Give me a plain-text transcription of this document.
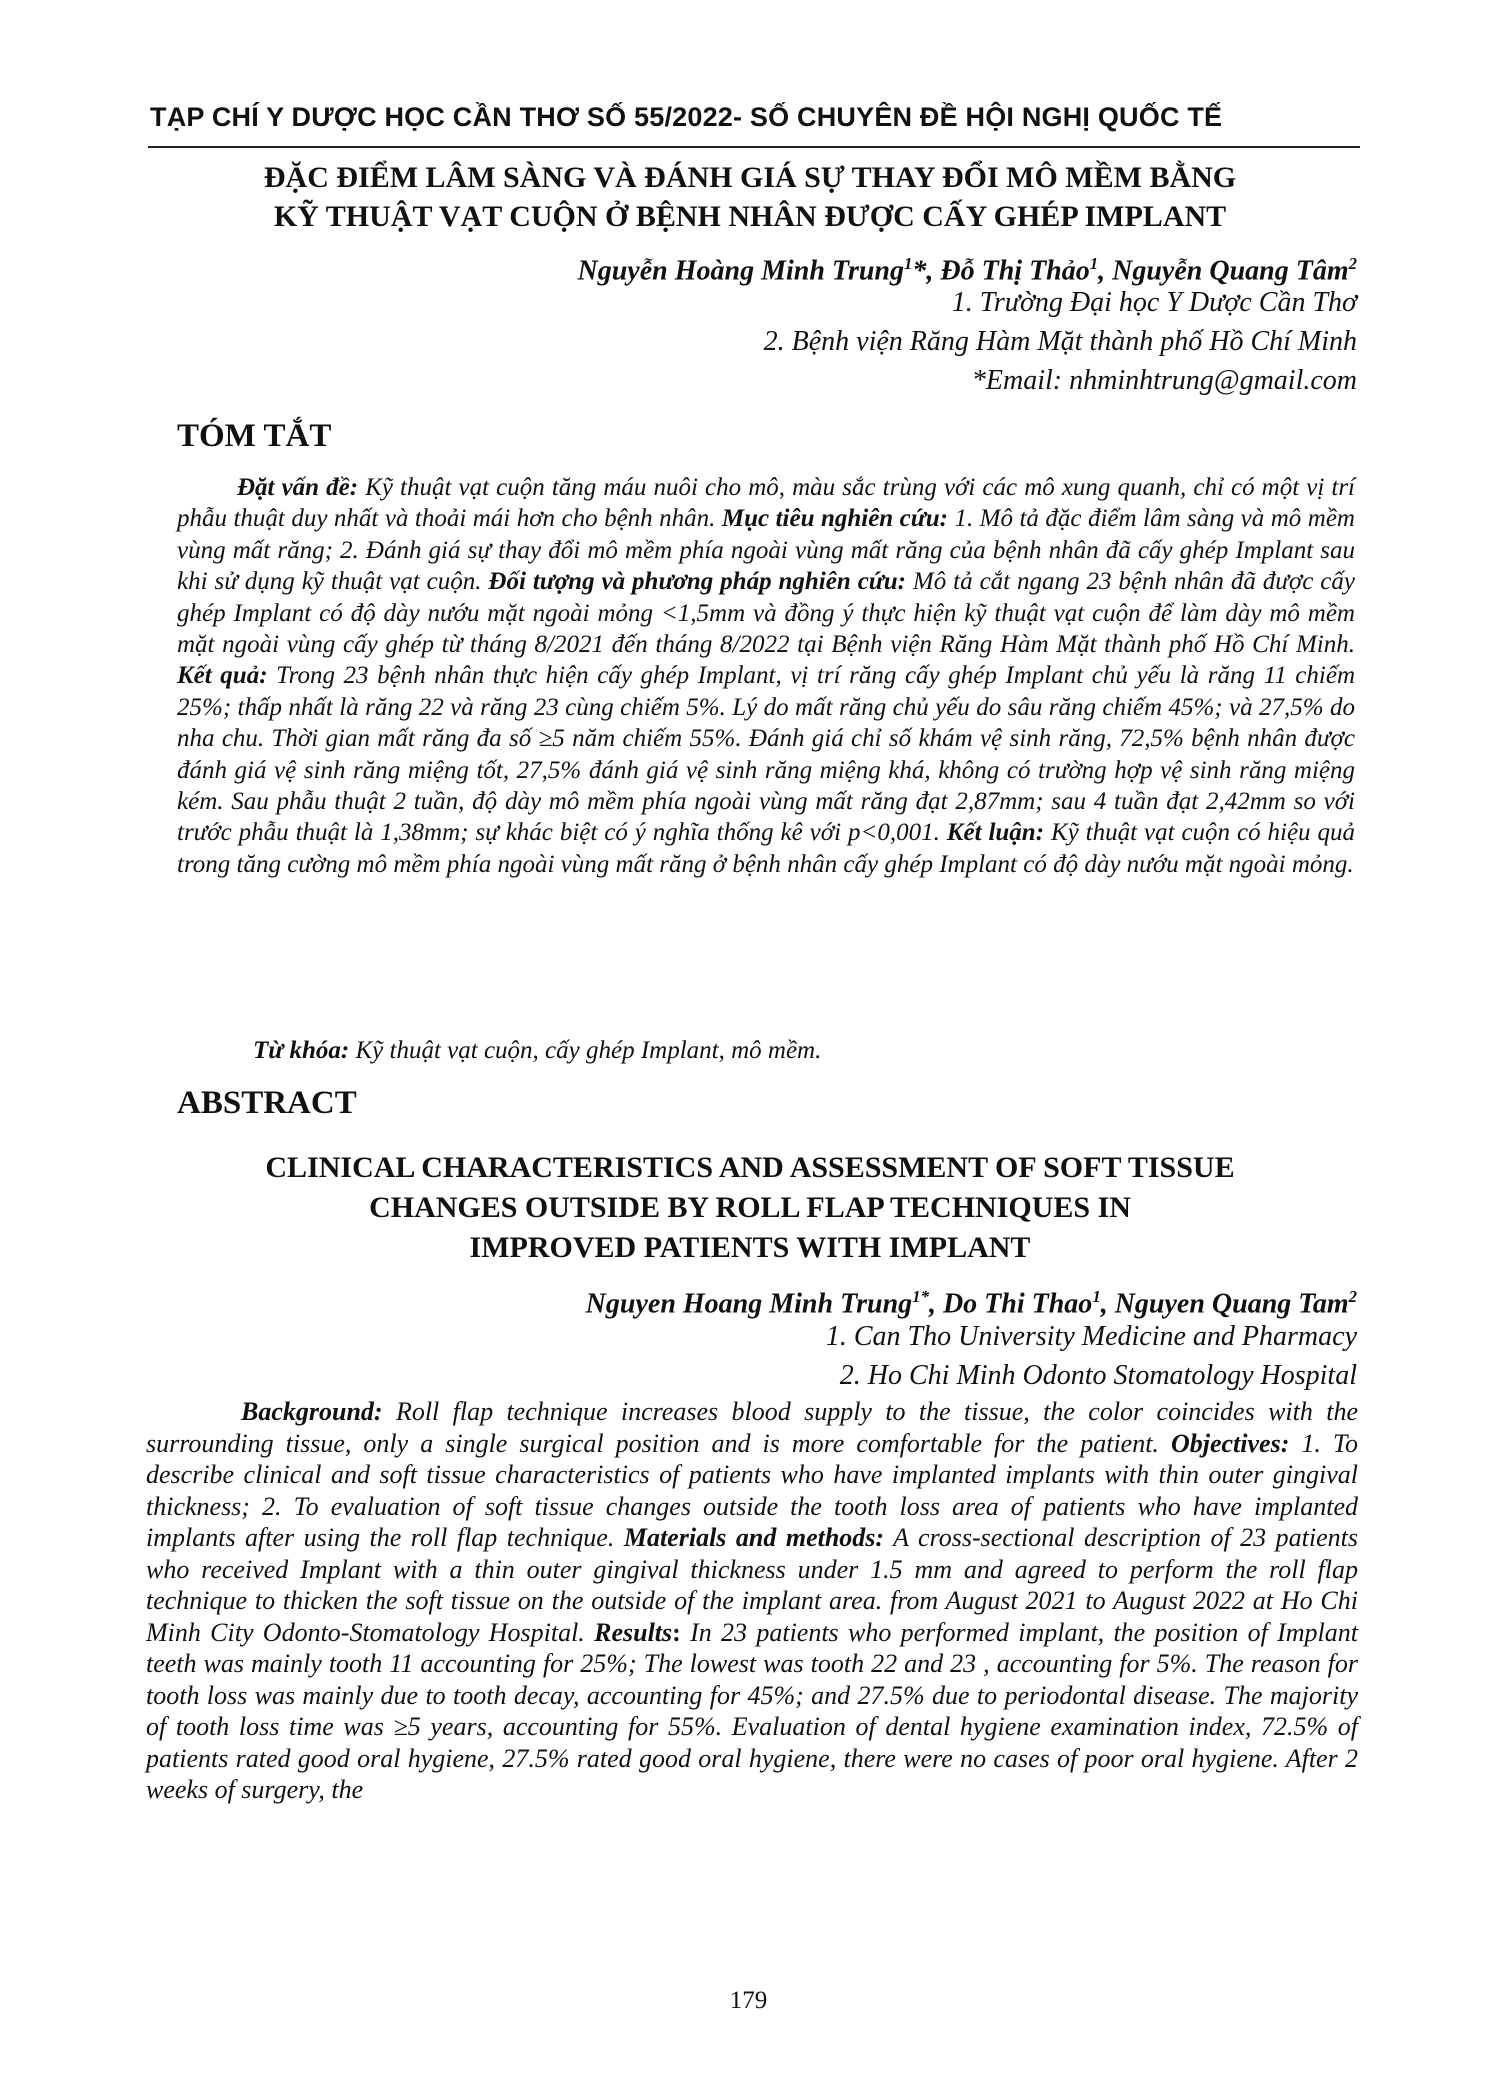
TẠP CHÍ Y DƯỢC HỌC CẦN THƠ SỐ 55/2022- SỐ CHUYÊN ĐỀ HỘI NGHỊ QUỐC TẾ
ĐẶC ĐIỂM LÂM SÀNG VÀ ĐÁNH GIÁ SỰ THAY ĐỔI MÔ MỀM BẰNG
KỸ THUẬT VẠT CUỘN Ở BỆNH NHÂN ĐƯỢC CẤY GHÉP IMPLANT
Nguyễn Hoàng Minh Trung$^1$*, Đỗ Thị Thảo$^1$, Nguyễn Quang Tâm$^2$
1. Trường Đại học Y Dược Cần Thơ
2. Bệnh viện Răng Hàm Mặt thành phố Hồ Chí Minh
*Email: nhminhtrung@gmail.com
TÓM TẮT
Đặt vấn đề: Kỹ thuật vạt cuộn tăng máu nuôi cho mô, màu sắc trùng với các mô xung quanh, chỉ có một vị trí phẫu thuật duy nhất và thoải mái hơn cho bệnh nhân. Mục tiêu nghiên cứu: 1. Mô tả đặc điểm lâm sàng và mô mềm vùng mất răng; 2. Đánh giá sự thay đổi mô mềm phía ngoài vùng mất răng của bệnh nhân đã cấy ghép Implant sau khi sử dụng kỹ thuật vạt cuộn. Đối tượng và phương pháp nghiên cứu: Mô tả cắt ngang 23 bệnh nhân đã được cấy ghép Implant có độ dày nướu mặt ngoài mỏng <1,5mm và đồng ý thực hiện kỹ thuật vạt cuộn để làm dày mô mềm mặt ngoài vùng cấy ghép từ tháng 8/2021 đến tháng 8/2022 tại Bệnh viện Răng Hàm Mặt thành phố Hồ Chí Minh. Kết quả: Trong 23 bệnh nhân thực hiện cấy ghép Implant, vị trí răng cấy ghép Implant chủ yếu là răng 11 chiếm 25%; thấp nhất là răng 22 và răng 23 cùng chiếm 5%. Lý do mất răng chủ yếu do sâu răng chiếm 45%; và 27,5% do nha chu. Thời gian mất răng đa số ≥5 năm chiếm 55%. Đánh giá chỉ số khám vệ sinh răng, 72,5% bệnh nhân được đánh giá vệ sinh răng miệng tốt, 27,5% đánh giá vệ sinh răng miệng khá, không có trường hợp vệ sinh răng miệng kém. Sau phẫu thuật 2 tuần, độ dày mô mềm phía ngoài vùng mất răng đạt 2,87mm; sau 4 tuần đạt 2,42mm so với trước phẫu thuật là 1,38mm; sự khác biệt có ý nghĩa thống kê với p<0,001. Kết luận: Kỹ thuật vạt cuộn có hiệu quả trong tăng cường mô mềm phía ngoài vùng mất răng ở bệnh nhân cấy ghép Implant có độ dày nướu mặt ngoài mỏng.
Từ khóa: Kỹ thuật vạt cuộn, cấy ghép Implant, mô mềm.
ABSTRACT
CLINICAL CHARACTERISTICS AND ASSESSMENT OF SOFT TISSUE
CHANGES OUTSIDE BY ROLL FLAP TECHNIQUES IN
IMPROVED PATIENTS WITH IMPLANT
Nguyen Hoang Minh Trung$^{1*}$, Do Thi Thao$^1$, Nguyen Quang Tam$^2$
1. Can Tho University Medicine and Pharmacy
2. Ho Chi Minh Odonto Stomatology Hospital
Background: Roll flap technique increases blood supply to the tissue, the color coincides with the surrounding tissue, only a single surgical position and is more comfortable for the patient. Objectives: 1. To describe clinical and soft tissue characteristics of patients who have implanted implants with thin outer gingival thickness; 2. To evaluation of soft tissue changes outside the tooth loss area of patients who have implanted implants after using the roll flap technique. Materials and methods: A cross-sectional description of 23 patients who received Implant with a thin outer gingival thickness under 1.5 mm and agreed to perform the roll flap technique to thicken the soft tissue on the outside of the implant area. from August 2021 to August 2022 at Ho Chi Minh City Odonto-Stomatology Hospital. Results: In 23 patients who performed implant, the position of Implant teeth was mainly tooth 11 accounting for 25%; The lowest was tooth 22 and 23 , accounting for 5%. The reason for tooth loss was mainly due to tooth decay, accounting for 45%; and 27.5% due to periodontal disease. The majority of tooth loss time was ≥5 years, accounting for 55%. Evaluation of dental hygiene examination index, 72.5% of patients rated good oral hygiene, 27.5% rated good oral hygiene, there were no cases of poor oral hygiene. After 2 weeks of surgery, the
179
